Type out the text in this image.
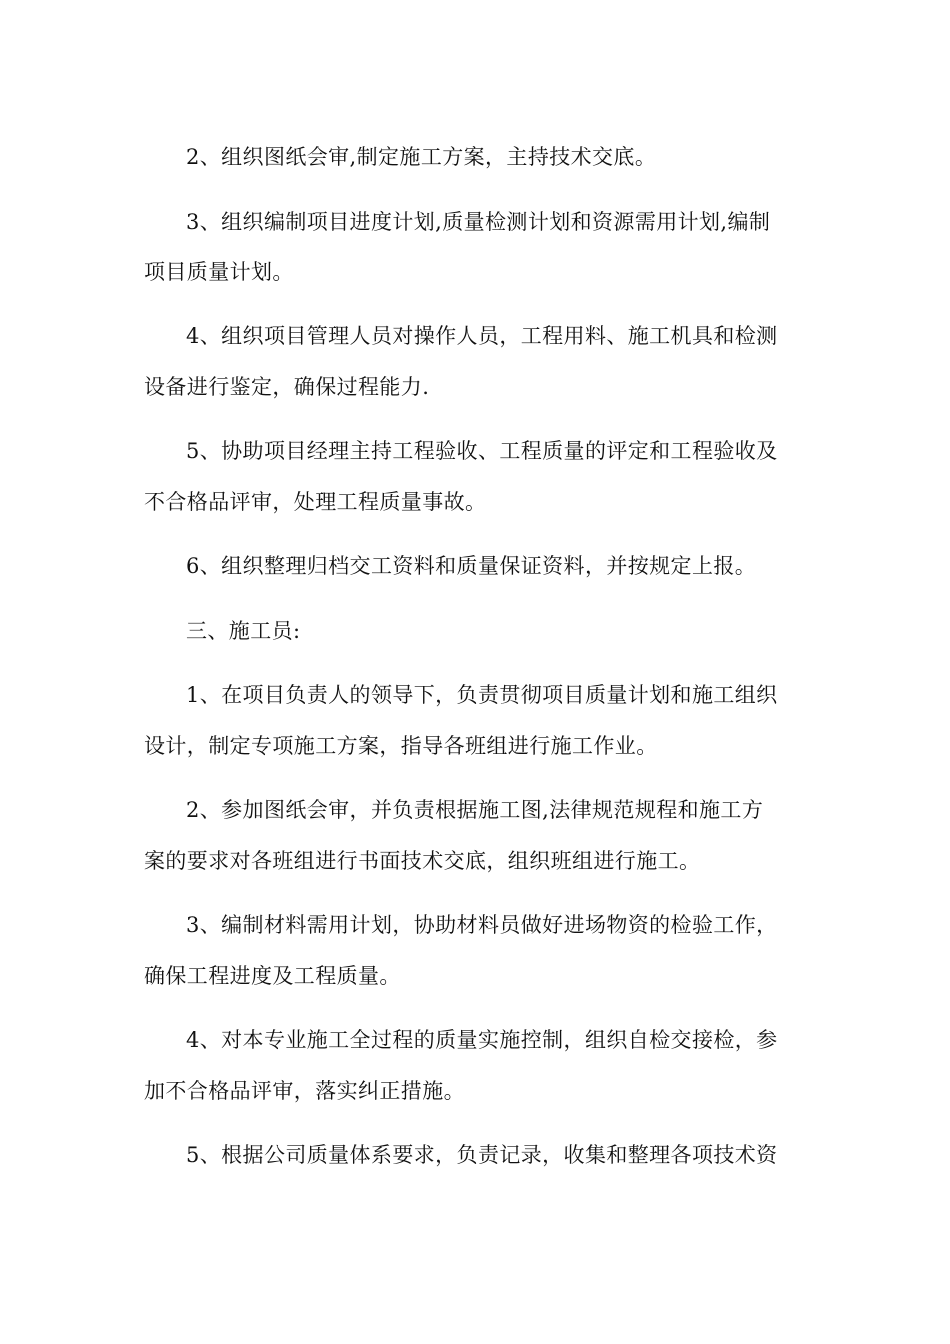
2、组织图纸会审,制定施工方案，主持技术交底。
3、组织编制项目进度计划,质量检测计划和资源需用计划,编制
项目质量计划。
4、组织项目管理人员对操作人员，工程用料、施工机具和检测
设备进行鉴定，确保过程能力.
5、协助项目经理主持工程验收、工程质量的评定和工程验收及
不合格品评审，处理工程质量事故。
6、组织整理归档交工资料和质量保证资料，并按规定上报。
三、施工员:
1、在项目负责人的领导下，负责贯彻项目质量计划和施工组织
设计，制定专项施工方案，指导各班组进行施工作业。
2、参加图纸会审，并负责根据施工图,法律规范规程和施工方
案的要求对各班组进行书面技术交底，组织班组进行施工。
3、编制材料需用计划，协助材料员做好进场物资的检验工作，
确保工程进度及工程质量。
4、对本专业施工全过程的质量实施控制，组织自检交接检，参
加不合格品评审，落实纠正措施。
5、根据公司质量体系要求，负责记录，收集和整理各项技术资
